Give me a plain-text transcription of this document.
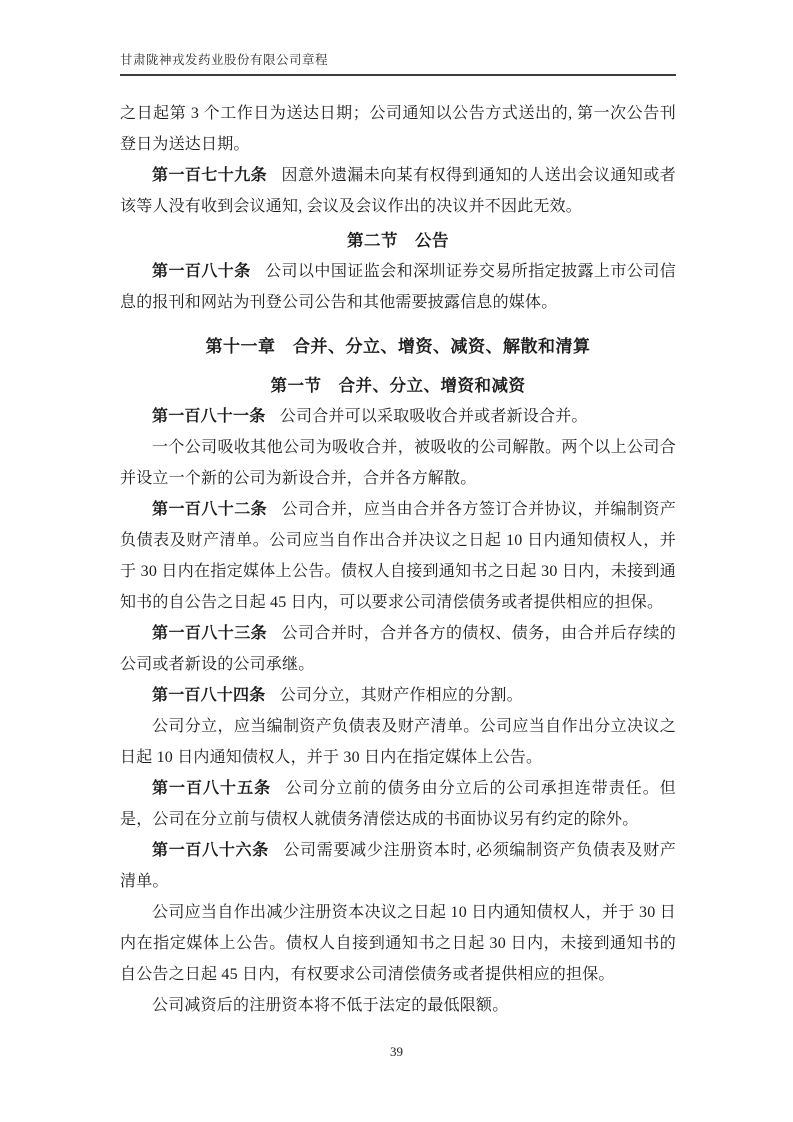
甘肃陇神戎发药业股份有限公司章程

之日起第 3 个工作日为送达日期；公司通知以公告方式送出的, 第一次公告刊登日为送达日期。

第一百七十九条 因意外遗漏未向某有权得到通知的人送出会议通知或者该等人没有收到会议通知, 会议及会议作出的决议并不因此无效。

第二节　公告

第一百八十条 公司以中国证监会和深圳证券交易所指定披露上市公司信息的报刊和网站为刊登公司公告和其他需要披露信息的媒体。

第十一章　合并、分立、增资、减资、解散和清算
第一节　合并、分立、增资和减资

第一百八十一条 公司合并可以采取吸收合并或者新设合并。

一个公司吸收其他公司为吸收合并，被吸收的公司解散。两个以上公司合并设立一个新的公司为新设合并，合并各方解散。

第一百八十二条 公司合并，应当由合并各方签订合并协议，并编制资产负债表及财产清单。公司应当自作出合并决议之日起 10 日内通知债权人，并于 30 日内在指定媒体上公告。债权人自接到通知书之日起 30 日内，未接到通知书的自公告之日起 45 日内，可以要求公司清偿债务或者提供相应的担保。

第一百八十三条 公司合并时，合并各方的债权、债务，由合并后存续的公司或者新设的公司承继。

第一百八十四条 公司分立，其财产作相应的分割。

公司分立，应当编制资产负债表及财产清单。公司应当自作出分立决议之日起 10 日内通知债权人，并于 30 日内在指定媒体上公告。

第一百八十五条 公司分立前的债务由分立后的公司承担连带责任。但是，公司在分立前与债权人就债务清偿达成的书面协议另有约定的除外。

第一百八十六条 公司需要减少注册资本时, 必须编制资产负债表及财产清单。

公司应当自作出减少注册资本决议之日起 10 日内通知债权人，并于 30 日内在指定媒体上公告。债权人自接到通知书之日起 30 日内，未接到通知书的自公告之日起 45 日内，有权要求公司清偿债务或者提供相应的担保。

公司减资后的注册资本将不低于法定的最低限额。

39
